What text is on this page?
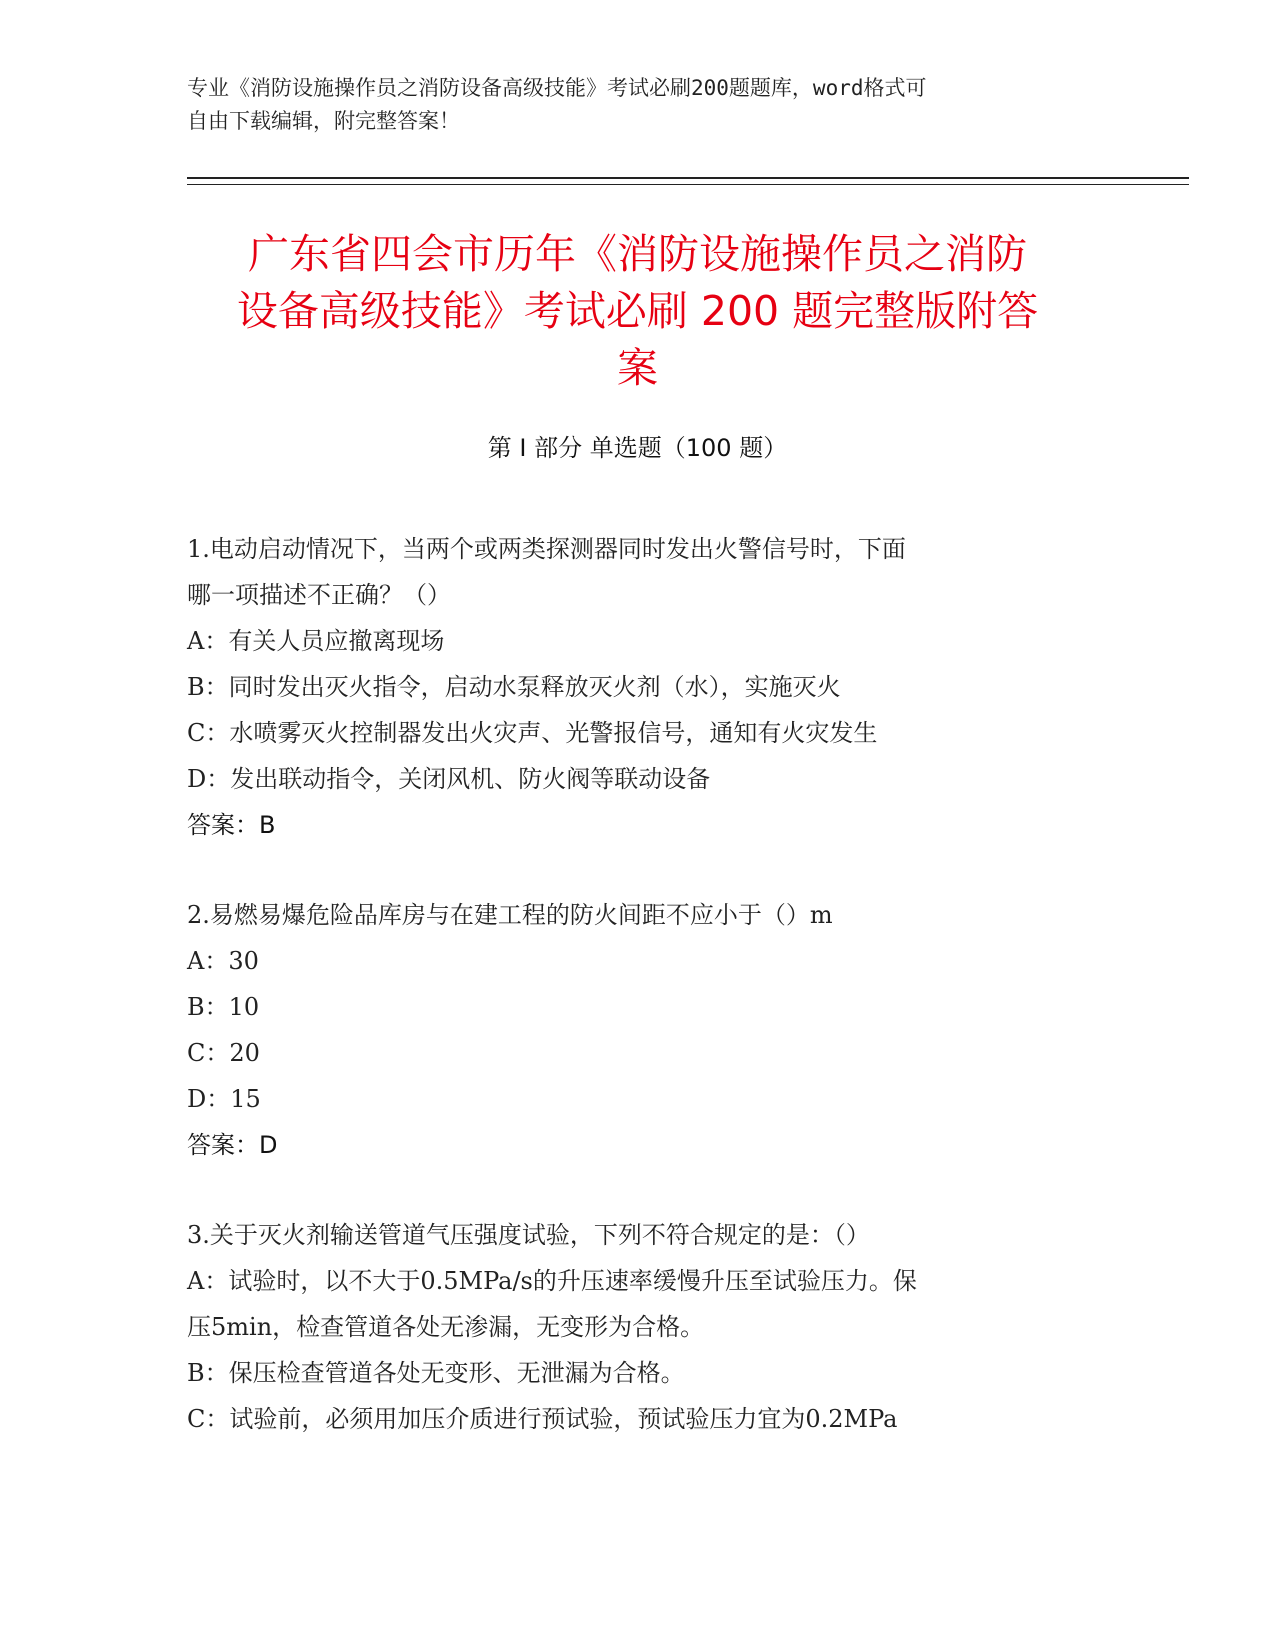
专业《消防设施操作员之消防设备高级技能》考试必刷200题题库，word格式可
自由下载编辑，附完整答案！
广东省四会市历年《消防设施操作员之消防
设备高级技能》考试必刷 200 题完整版附答
案
第 I 部分 单选题（100 题）
1.电动启动情况下，当两个或两类探测器同时发出火警信号时，下面
哪一项描述不正确？（）
A：有关人员应撤离现场
B：同时发出灭火指令，启动水泵释放灭火剂（水），实施灭火
C：水喷雾灭火控制器发出火灾声、光警报信号，通知有火灾发生
D：发出联动指令，关闭风机、防火阀等联动设备
答案：B
2.易燃易爆危险品库房与在建工程的防火间距不应小于（）m
A：30
B：10
C：20
D：15
答案：D
3.关于灭火剂输送管道气压强度试验，下列不符合规定的是：（）
A：试验时，以不大于0.5MPa/s的升压速率缓慢升压至试验压力。保
压5min，检查管道各处无渗漏，无变形为合格。
B：保压检查管道各处无变形、无泄漏为合格。
C：试验前，必须用加压介质进行预试验，预试验压力宜为0.2MPa
